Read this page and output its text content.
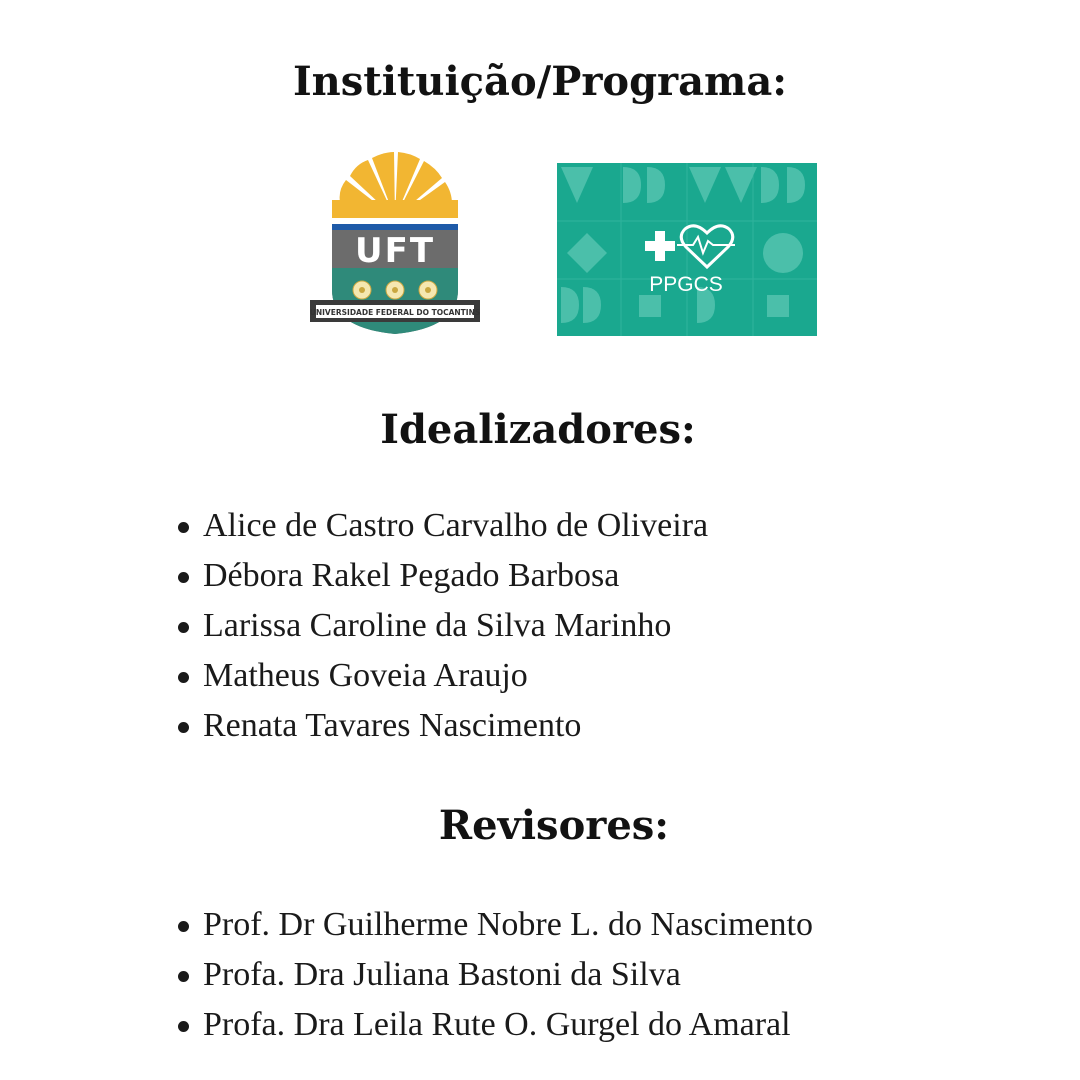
Instituição/Programa:
UFT
UNIVERSIDADE FEDERAL DO TOCANTINS
PPGCS
Idealizadores:
Alice de Castro Carvalho de Oliveira
Débora Rakel Pegado Barbosa
Larissa Caroline da Silva Marinho
Matheus Goveia Araujo
Renata Tavares Nascimento
Revisores:
Prof. Dr Guilherme Nobre L. do Nascimento
Profa. Dra Juliana Bastoni da Silva
Profa. Dra Leila Rute O. Gurgel do Amaral
